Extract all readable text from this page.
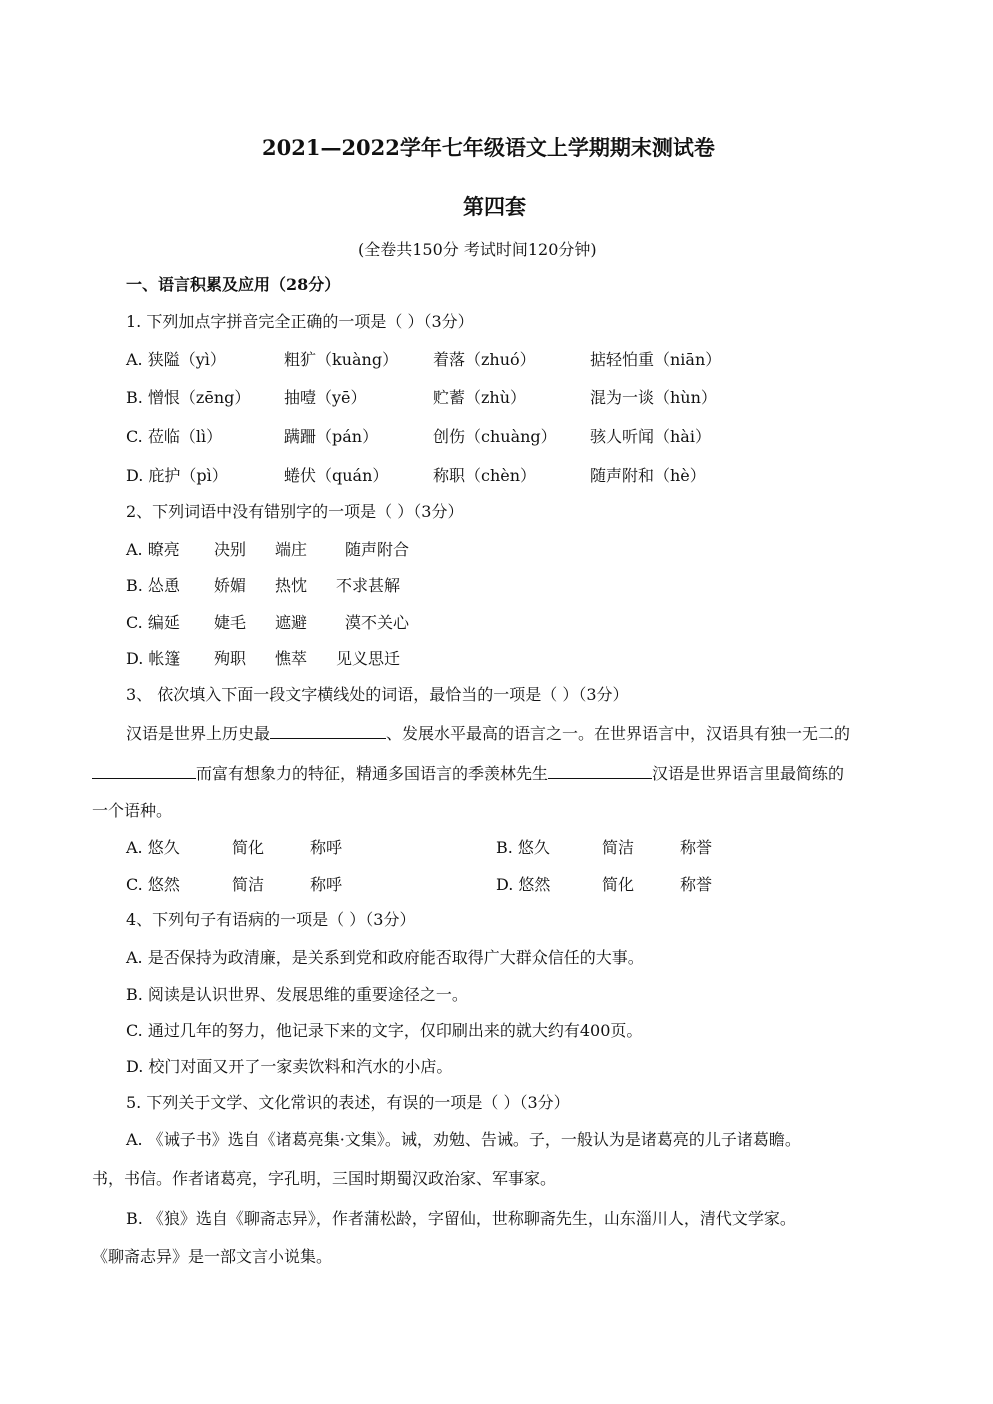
2021—2022学年七年级语文上学期期末测试卷
第四套
(全卷共150分 考试时间120分钟)
一、语言积累及应用（28分）
1. 下列加点字拼音完全正确的一项是（ ）（3分）
A. 狭隘（yì）	粗犷（kuàng） 着落（zhuó）	掂轻怕重（niān）
B. 憎恨（zēng） 抽噎（yē）	贮蓄（zhù）	混为一谈（hùn）
C. 莅临（lì）	蹒跚（pán）	创伤（chuàng） 骇人听闻（hài）
D. 庇护（pì）	蜷伏（quán）	称职（chèn）	随声附和（hè）
2、下列词语中没有错别字的一项是（ ）（3分）
A. 暸亮 决别 端庄 随声附合
B. 怂恿 娇媚 热忱 不求甚解
C. 编延 婕毛 遮避 漠不关心
D. 帐篷 殉职 憔萃 见义思迁
3、 依次填入下面一段文字横线处的词语，最恰当的一项是（ ）（3分）
汉语是世界上历史最	、发展水平最高的语言之一。在世界语言中，汉语具有独一无二的
而富有想象力的特征，精通多国语言的季羡林先生	汉语是世界语言里最简练的
一个语种。
A. 悠久	简化	称呼	B. 悠久	简洁	称誉
C. 悠然	简洁	称呼	D. 悠然	简化	称誉
4、下列句子有语病的一项是（ ）（3分）
A. 是否保持为政清廉，是关系到党和政府能否取得广大群众信任的大事。
B. 阅读是认识世界、发展思维的重要途径之一。
C. 通过几年的努力，他记录下来的文字，仅印刷出来的就大约有400页。
D. 校门对面又开了一家卖饮料和汽水的小店。
5. 下列关于文学、文化常识的表述，有误的一项是（ ）（3分）
A. 《诫子书》选自《诸葛亮集·文集》。诫，劝勉、告诫。子，一般认为是诸葛亮的儿子诸葛瞻。
书，书信。作者诸葛亮，字孔明，三国时期蜀汉政治家、军事家。
B. 《狼》选自《聊斋志异》，作者蒲松龄，字留仙，世称聊斋先生，山东淄川人，清代文学家。
《聊斋志异》是一部文言小说集。
